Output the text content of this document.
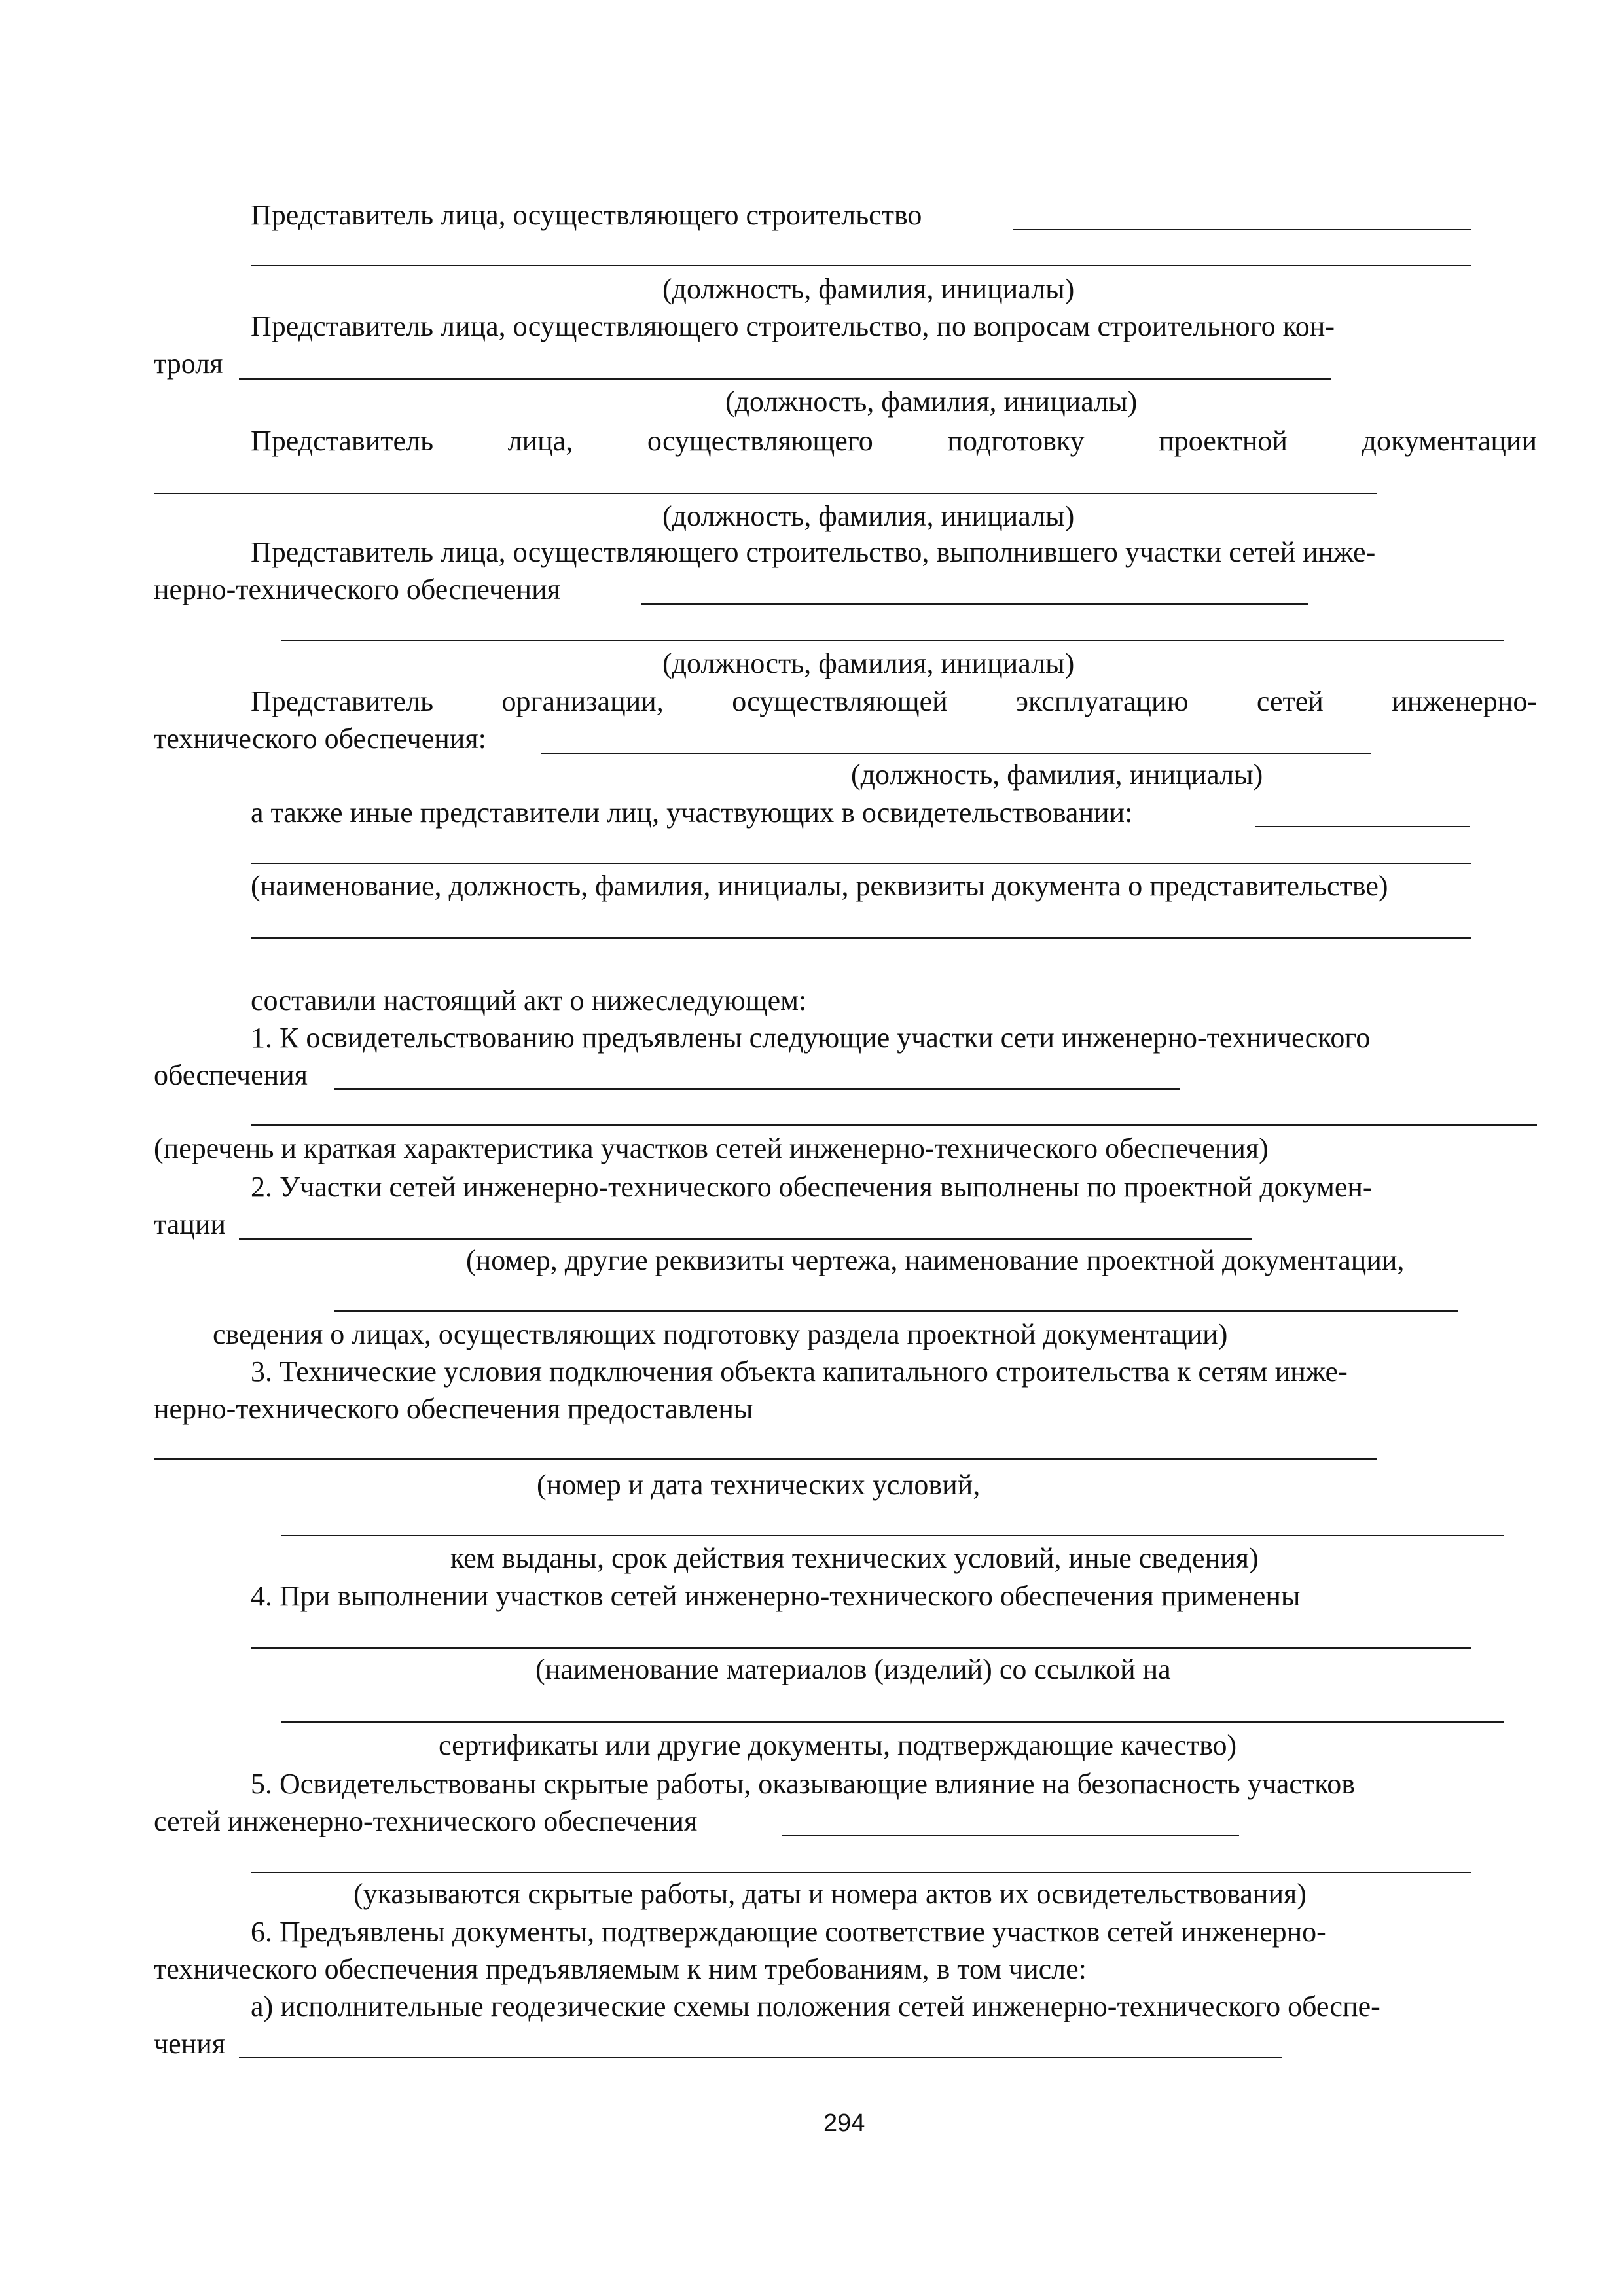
Представитель лица, осуществляющего строительство
(должность, фамилия, инициалы)
Представитель лица, осуществляющего строительство, по вопросам строительного кон-
троля
(должность, фамилия, инициалы)
Представитель	лица,	осуществляющего	подготовку	проектной	документации
(должность, фамилия, инициалы)
Представитель лица, осуществляющего строительство, выполнившего участки сетей инже-
нерно-технического обеспечения
(должность, фамилия, инициалы)
Представитель организации, осуществляющей эксплуатацию сетей инженерно-
технического обеспечения:
(должность, фамилия, инициалы)
а также иные представители лиц, участвующих в освидетельствовании:
(наименование, должность, фамилия, инициалы, реквизиты документа о представительстве)
составили настоящий акт о нижеследующем:
1. К освидетельствованию предъявлены следующие участки сети инженерно-технического
обеспечения
(перечень и краткая характеристика участков сетей инженерно-технического обеспечения)
2. Участки сетей инженерно-технического обеспечения выполнены по проектной докумен-
тации
(номер, другие реквизиты чертежа, наименование проектной документации,
сведения о лицах, осуществляющих подготовку раздела проектной документации)
3. Технические условия подключения объекта капитального строительства к сетям инже-
нерно-технического обеспечения предоставлены
(номер и дата технических условий,
кем выданы, срок действия технических условий, иные сведения)
4. При выполнении участков сетей инженерно-технического обеспечения применены
(наименование материалов (изделий) со ссылкой на
сертификаты или другие документы, подтверждающие качество)
5. Освидетельствованы скрытые работы, оказывающие влияние на безопасность участков
сетей инженерно-технического обеспечения
(указываются скрытые работы, даты и номера актов их освидетельствования)
6. Предъявлены документы, подтверждающие соответствие участков сетей инженерно-
технического обеспечения предъявляемым к ним требованиям, в том числе:
а) исполнительные геодезические схемы положения сетей инженерно-технического обеспе-
чения
294
